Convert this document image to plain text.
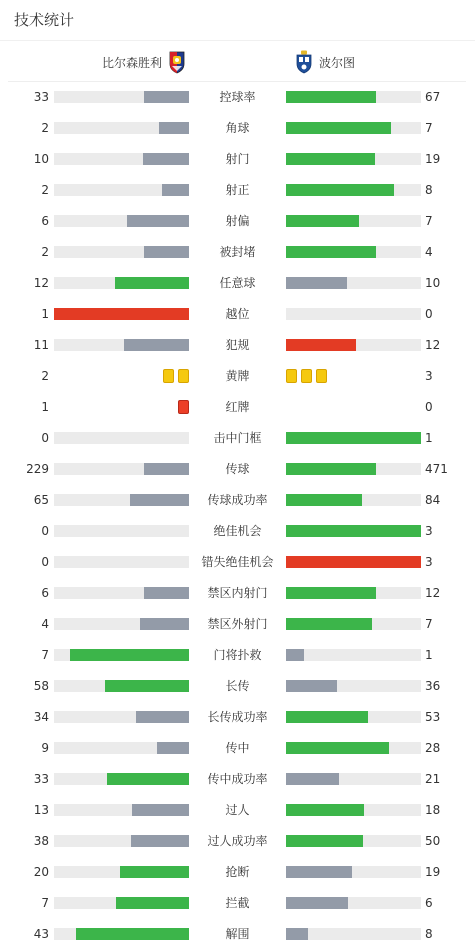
技术统计
比尔森胜利	波尔图
33	控球率	67
2	角球	7
10	射门	19
2	射正	8
6	射偏	7
2	被封堵	4
12	任意球	10
1	越位	0
11	犯规	12
2	黄牌	3
1	红牌	0
0	击中门框	1
229	传球	471
65	传球成功率	84
0	绝佳机会	3
0	错失绝佳机会	3
6	禁区内射门	12
4	禁区外射门	7
7	门将扑救	1
58	长传	36
34	长传成功率	53
9	传中	28
33	传中成功率	21
13	过人	18
38	过人成功率	50
20	抢断	19
7	拦截	6
43	解围	8
